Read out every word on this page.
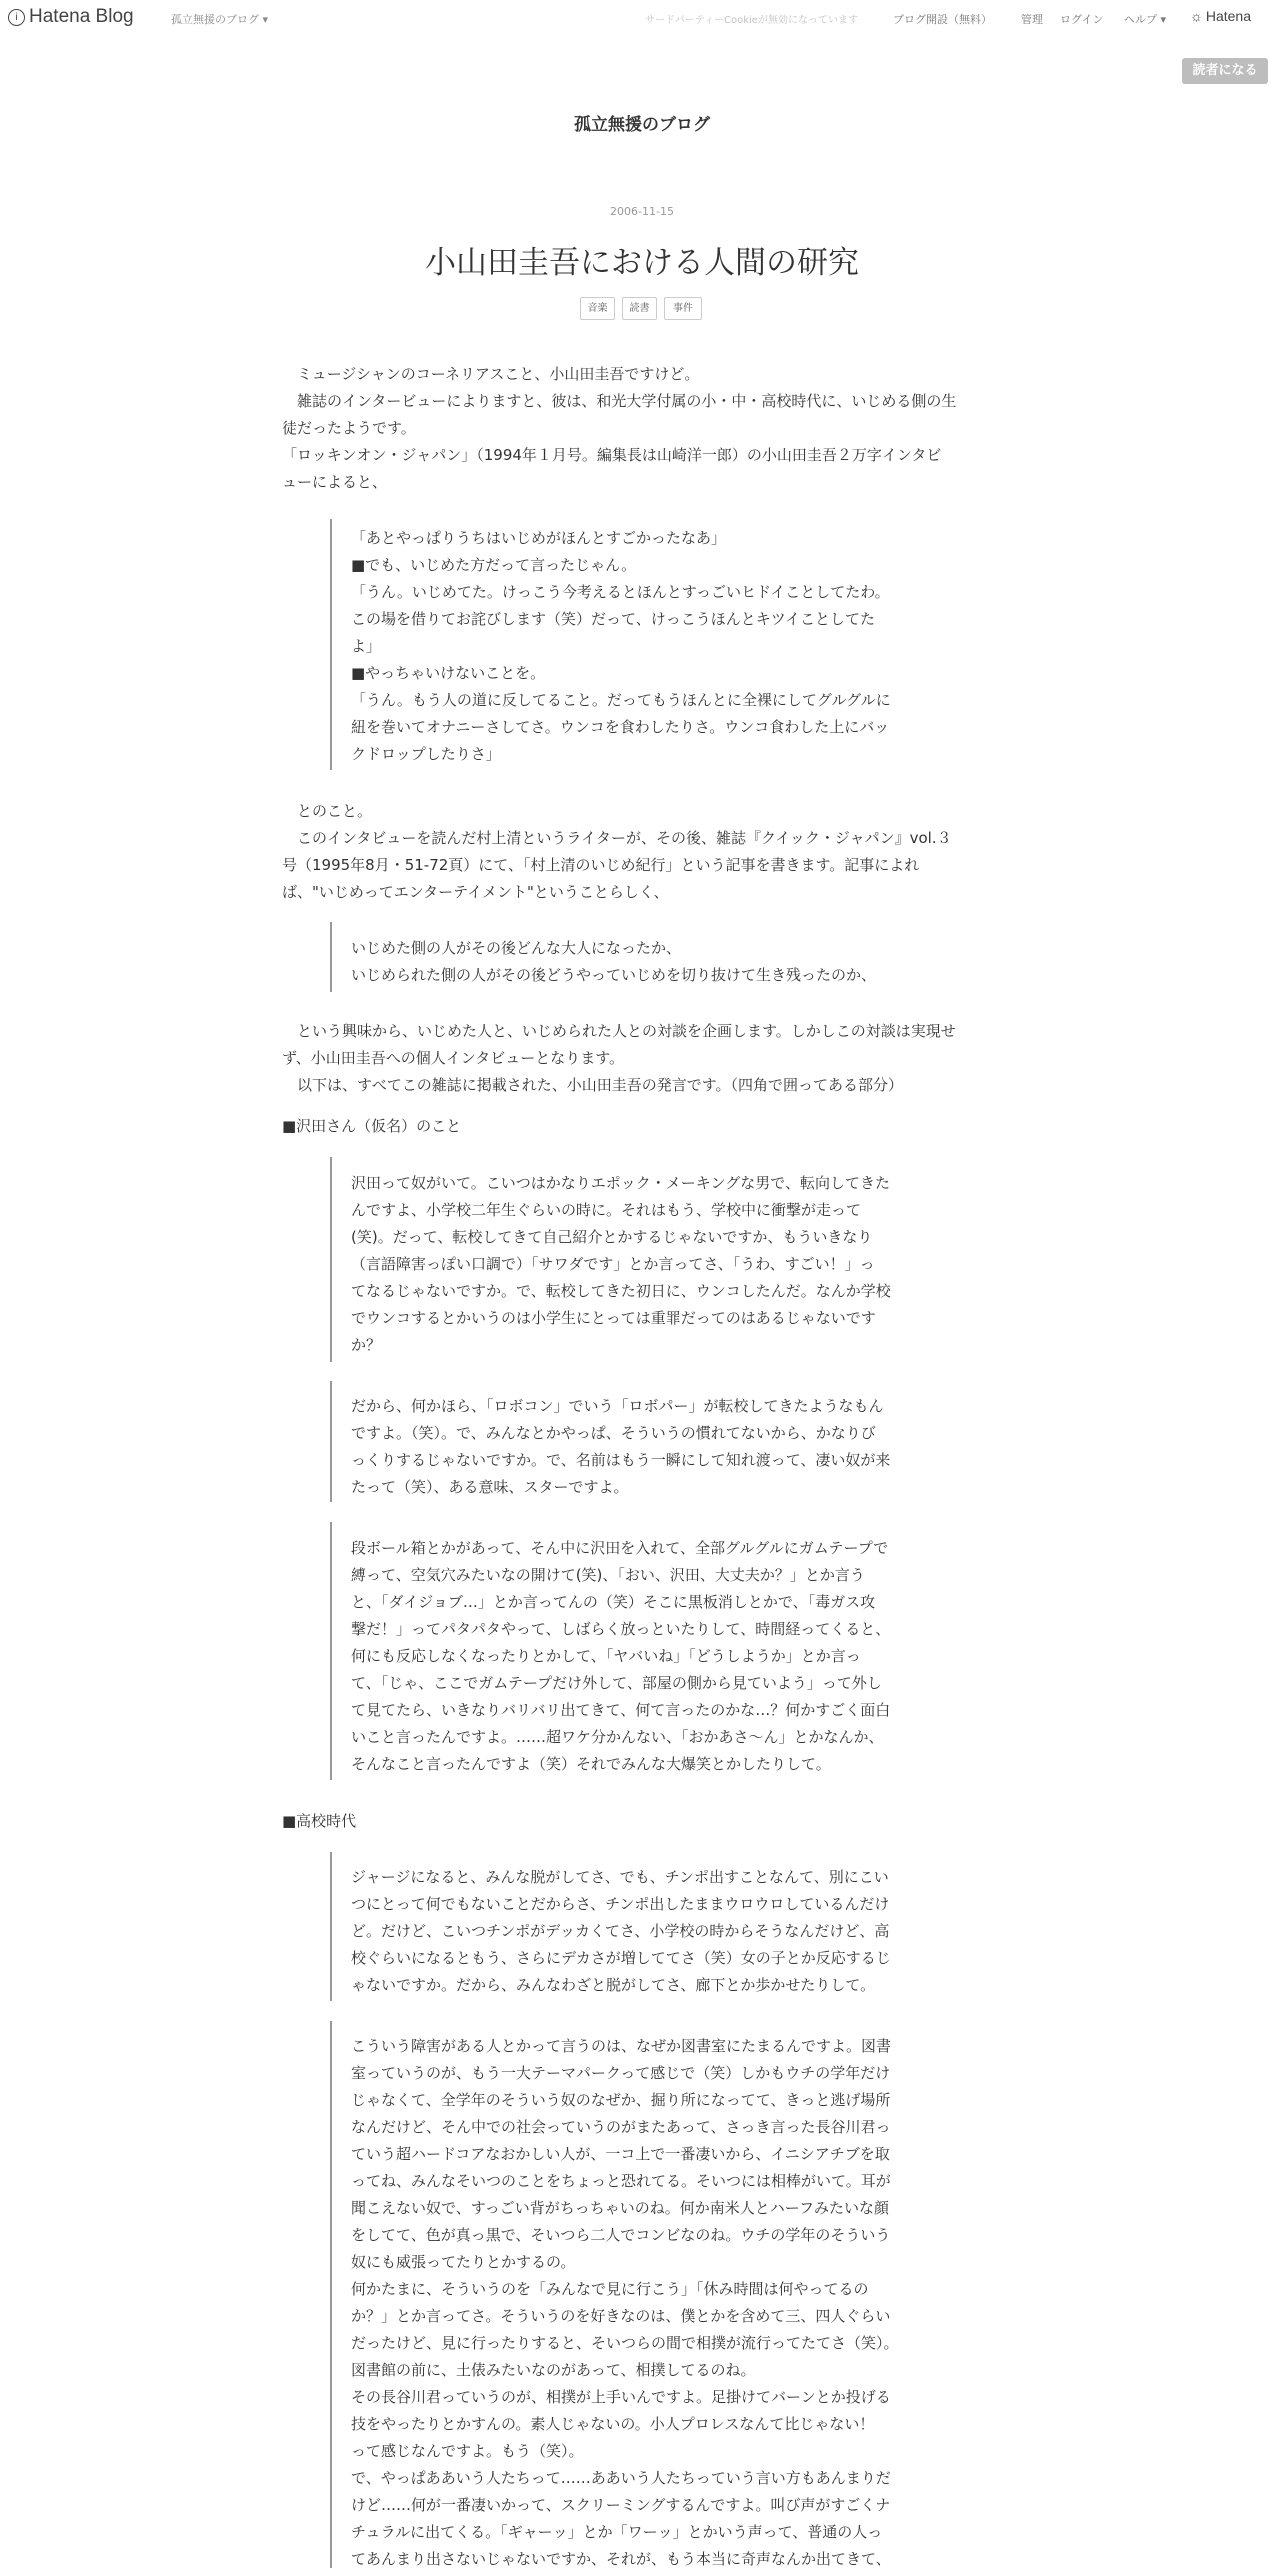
i Hatena Blog	孤立無援のブログ ▾	サードパーティーCookieが無効になっています	ブログ開設（無料）	管理 ログイン ヘルプ ▾ ☼ Hatena
読者になる
孤立無援のブログ
2006-11-15
小山田圭吾における人間の研究
音楽	読書	事件
　ミュージシャンのコーネリアスこと、小山田圭吾ですけど。
　雑誌のインタービューによりますと、彼は、和光大学付属の小・中・高校時代に、いじめる側の生
徒だったようです。
「ロッキンオン・ジャパン」（1994年１月号。編集長は山崎洋一郎）の小山田圭吾２万字インタビ
ューによると、
「あとやっぱりうちはいじめがほんとすごかったなあ」
■でも、いじめた方だって言ったじゃん。
「うん。いじめてた。けっこう今考えるとほんとすっごいヒドイことしてたわ。
この場を借りてお詫びします（笑）だって、けっこうほんとキツイことしてた
よ」
■やっちゃいけないことを。
「うん。もう人の道に反してること。だってもうほんとに全裸にしてグルグルに
紐を巻いてオナニーさしてさ。ウンコを食わしたりさ。ウンコ食わした上にバッ
クドロップしたりさ」
　とのこと。
　このインタビューを読んだ村上清というライターが、その後、雑誌『クイック・ジャパン』vol.３
号（1995年8月・51-72頁）にて、「村上清のいじめ紀行」という記事を書きます。記事によれ
ば、"いじめってエンターテイメント"ということらしく、
いじめた側の人がその後どんな大人になったか、
いじめられた側の人がその後どうやっていじめを切り抜けて生き残ったのか、
　という興味から、いじめた人と、いじめられた人との対談を企画します。しかしこの対談は実現せ
ず、小山田圭吾への個人インタビューとなります。
　以下は、すべてこの雑誌に掲載された、小山田圭吾の発言です。（四角で囲ってある部分）
■沢田さん（仮名）のこと
沢田って奴がいて。こいつはかなりエポック・メーキングな男で、転向してきた
んですよ、小学校二年生ぐらいの時に。それはもう、学校中に衝撃が走って
(笑)。だって、転校してきて自己紹介とかするじゃないですか、もういきなり
（言語障害っぽい口調で）「サワダです」とか言ってさ、「うわ、すごい！」っ
てなるじゃないですか。で、転校してきた初日に、ウンコしたんだ。なんか学校
でウンコするとかいうのは小学生にとっては重罪だってのはあるじゃないです
か？
だから、何かほら、「ロボコン」でいう「ロボパー」が転校してきたようなもん
ですよ。（笑）。で、みんなとかやっぱ、そういうの慣れてないから、かなりび
っくりするじゃないですか。で、名前はもう一瞬にして知れ渡って、凄い奴が来
たって（笑）、ある意味、スターですよ。
段ボール箱とかがあって、そん中に沢田を入れて、全部グルグルにガムテープで
縛って、空気穴みたいなの開けて(笑)、「おい、沢田、大丈夫か？」とか言う
と、「ダイジョブ…」とか言ってんの（笑）そこに黒板消しとかで、「毒ガス攻
撃だ！」ってパタパタやって、しばらく放っといたりして、時間経ってくると、
何にも反応しなくなったりとかして、「ヤバいね」「どうしようか」とか言っ
て、「じゃ、ここでガムテープだけ外して、部屋の側から見ていよう」って外し
て見てたら、いきなりバリバリ出てきて、何て言ったのかな…？何かすごく面白
いこと言ったんですよ。……超ワケ分かんない、「おかあさ〜ん」とかなんか、
そんなこと言ったんですよ（笑）それでみんな大爆笑とかしたりして。
■高校時代
ジャージになると、みんな脱がしてさ、でも、チンポ出すことなんて、別にこい
つにとって何でもないことだからさ、チンポ出したままウロウロしているんだけ
ど。だけど、こいつチンポがデッカくてさ、小学校の時からそうなんだけど、高
校ぐらいになるともう、さらにデカさが増しててさ（笑）女の子とか反応するじ
ゃないですか。だから、みんなわざと脱がしてさ、廊下とか歩かせたりして。
こういう障害がある人とかって言うのは、なぜか図書室にたまるんですよ。図書
室っていうのが、もう一大テーマパークって感じで（笑）しかもウチの学年だけ
じゃなくて、全学年のそういう奴のなぜか、掘り所になってて、きっと逃げ場所
なんだけど、そん中での社会っていうのがまたあって、さっき言った長谷川君っ
ていう超ハードコアなおかしい人が、一コ上で一番凄いから、イニシアチブを取
ってね、みんなそいつのことをちょっと恐れてる。そいつには相棒がいて。耳が
聞こえない奴で、すっごい背がちっちゃいのね。何か南米人とハーフみたいな顔
をしてて、色が真っ黒で、そいつら二人でコンビなのね。ウチの学年のそういう
奴にも威張ってたりとかするの。
何かたまに、そういうのを「みんなで見に行こう」「休み時間は何やってるの
か？」とか言ってさ。そういうのを好きなのは、僕とかを含めて三、四人ぐらい
だったけど、見に行ったりすると、そいつらの間で相撲が流行ってたてさ（笑）。
図書館の前に、土俵みたいなのがあって、相撲してるのね。
その長谷川君っていうのが、相撲が上手いんですよ。足掛けてバーンとか投げる
技をやったりとかすんの。素人じゃないの。小人プロレスなんて比じゃない！
って感じなんですよ。もう（笑）。
で、やっぱああいう人たちって……ああいう人たちっていう言い方もあんまりだ
けど……何が一番凄いかって、スクリーミングするんですよ。叫び声がすごくナ
チュラルに出てくる。「ギャーッ」とか「ワーッ」とかいう声って、普通の人っ
てあんまり出さないじゃないですか、それが、もう本当に奇声なんか出てきて、
